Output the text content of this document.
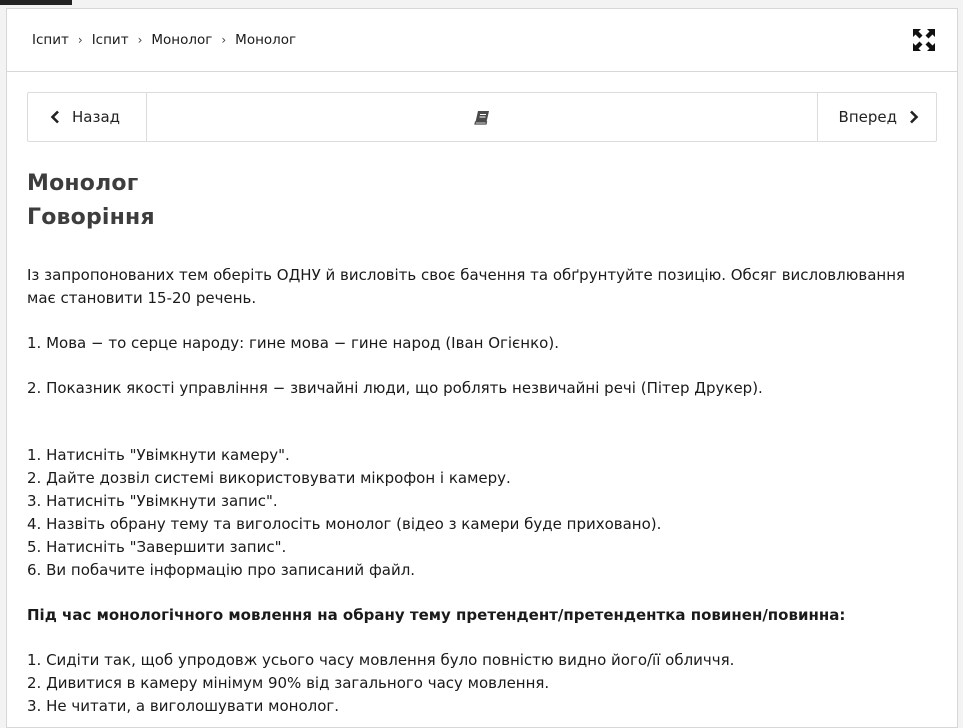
Іспит › Іспит › Монолог › Монолог
Назад	Вперед
Монолог
Говоріння

Із запропонованих тем оберіть ОДНУ й висловіть своє бачення та обґрунтуйте позицію. Обсяг висловлювання має становити 15-20 речень.

1. Мова − то серце народу: гине мова − гине народ (Іван Огієнко).

2. Показник якості управління − звичайні люди, що роблять незвичайні речі (Пітер Друкер).

1. Натисніть "Увімкнути камеру".
2. Дайте дозвіл системі використовувати мікрофон і камеру.
3. Натисніть "Увімкнути запис".
4. Назвіть обрану тему та виголосіть монолог (відео з камери буде приховано).
5. Натисніть "Завершити запис".
6. Ви побачите інформацію про записаний файл.

Під час монологічного мовлення на обрану тему претендент/претендентка повинен/повинна:

1. Сидіти так, щоб упродовж усього часу мовлення було повністю видно його/її обличчя.
2. Дивитися в камеру мінімум 90% від загального часу мовлення.
3. Не читати, а виголошувати монолог.
